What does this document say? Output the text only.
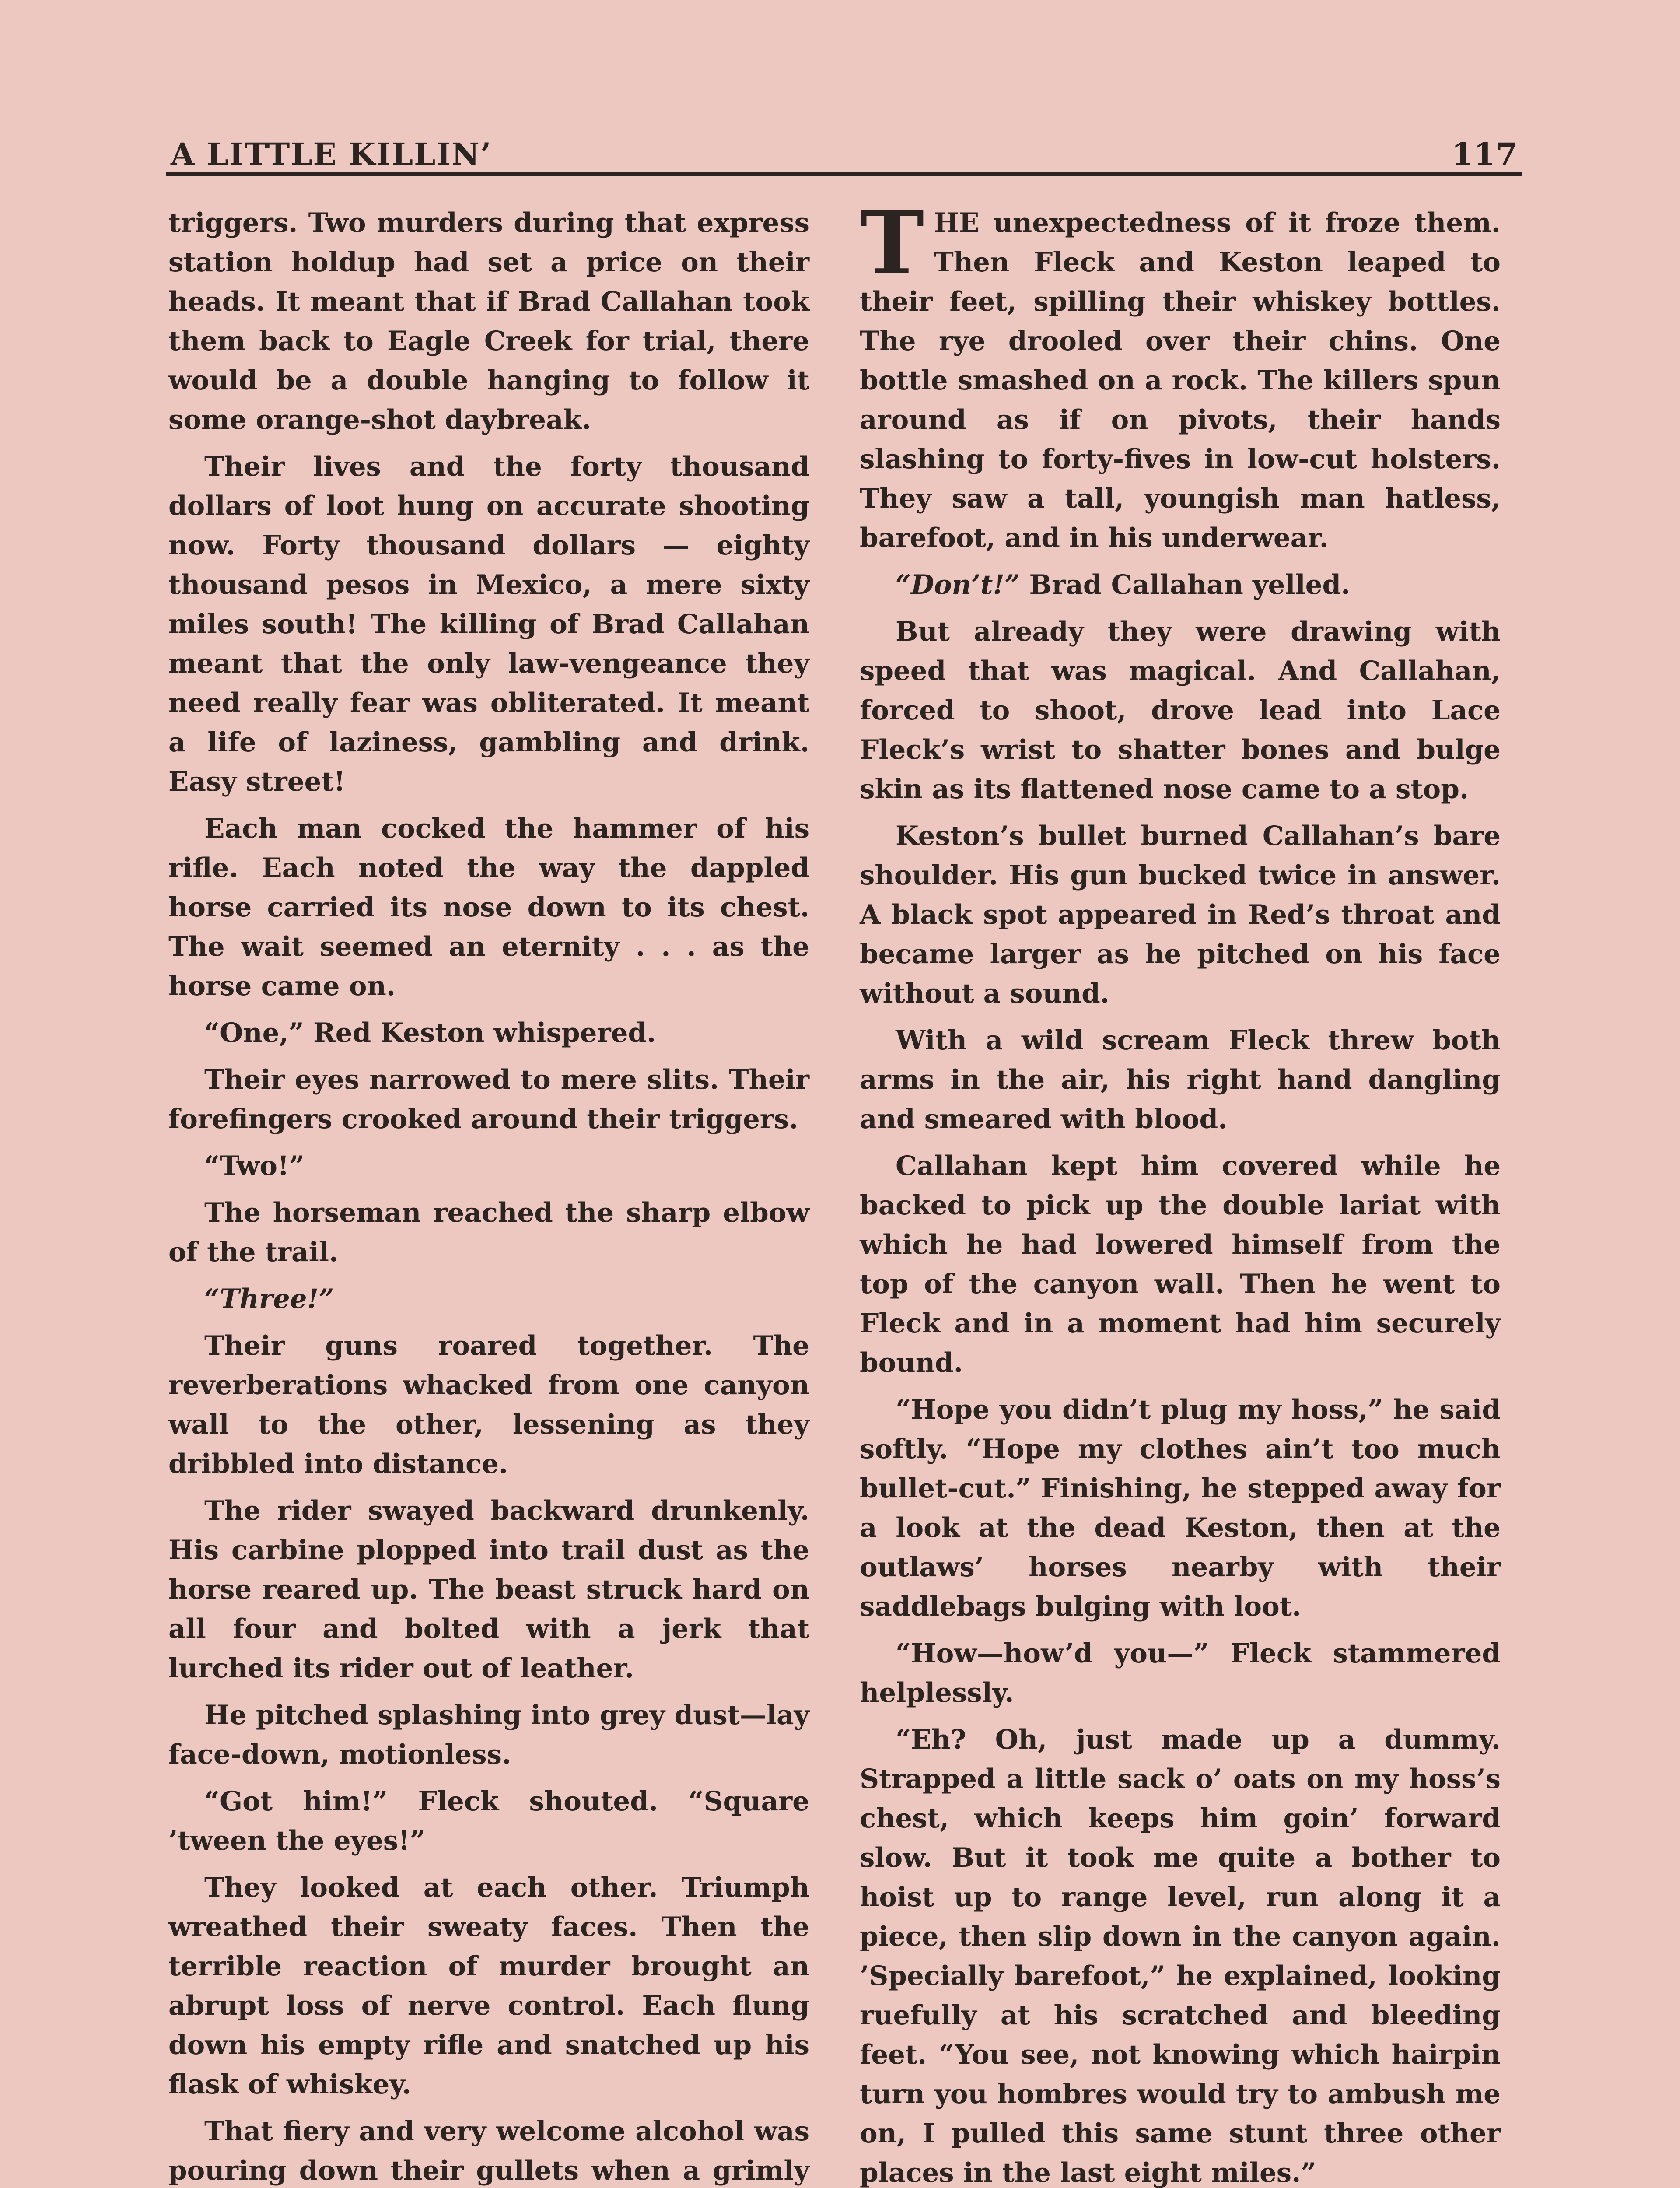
A LITTLE KILLIN’	117

triggers. Two murders during that express station holdup had set a price on their heads. It meant that if Brad Callahan took them back to Eagle Creek for trial, there would be a double hanging to follow it some orange-shot daybreak.

Their lives and the forty thousand dollars of loot hung on accurate shooting now. Forty thousand dollars — eighty thousand pesos in Mexico, a mere sixty miles south! The killing of Brad Callahan meant that the only law-vengeance they need really fear was obliterated. It meant a life of laziness, gambling and drink. Easy street!

Each man cocked the hammer of his rifle. Each noted the way the dappled horse carried its nose down to its chest. The wait seemed an eternity . . . as the horse came on.

“One,” Red Keston whispered.

Their eyes narrowed to mere slits. Their forefingers crooked around their triggers.

“Two!”

The horseman reached the sharp elbow of the trail.

“Three!”

Their guns roared together. The reverberations whacked from one canyon wall to the other, lessening as they dribbled into distance.

The rider swayed backward drunkenly. His carbine plopped into trail dust as the horse reared up. The beast struck hard on all four and bolted with a jerk that lurched its rider out of leather.

He pitched splashing into grey dust—lay face-down, motionless.

“Got him!” Fleck shouted. “Square ’tween the eyes!”

They looked at each other. Triumph wreathed their sweaty faces. Then the terrible reaction of murder brought an abrupt loss of nerve control. Each flung down his empty rifle and snatched up his flask of whiskey.

That fiery and very welcome alcohol was pouring down their gullets when a grimly

THE unexpectedness of it froze them. Then Fleck and Keston leaped to their feet, spilling their whiskey bottles. The rye drooled over their chins. One bottle smashed on a rock. The killers spun around as if on pivots, their hands slashing to forty-fives in low-cut holsters. They saw a tall, youngish man hatless, barefoot, and in his underwear.

“Don’t!” Brad Callahan yelled.

But already they were drawing with speed that was magical. And Callahan, forced to shoot, drove lead into Lace Fleck’s wrist to shatter bones and bulge skin as its flattened nose came to a stop.

Keston’s bullet burned Callahan’s bare shoulder. His gun bucked twice in answer. A black spot appeared in Red’s throat and became larger as he pitched on his face without a sound.

With a wild scream Fleck threw both arms in the air, his right hand dangling and smeared with blood.

Callahan kept him covered while he backed to pick up the double lariat with which he had lowered himself from the top of the canyon wall. Then he went to Fleck and in a moment had him securely bound.

“Hope you didn’t plug my hoss,” he said softly. “Hope my clothes ain’t too much bullet-cut.” Finishing, he stepped away for a look at the dead Keston, then at the outlaws’ horses nearby with their saddlebags bulging with loot.

“How—how’d you—” Fleck stammered helplessly.

“Eh? Oh, just made up a dummy. Strapped a little sack o’ oats on my hoss’s chest, which keeps him goin’ forward slow. But it took me quite a bother to hoist up to range level, run along it a piece, then slip down in the canyon again. ’Specially barefoot,” he explained, looking ruefully at his scratched and bleeding feet. “You see, not knowing which hairpin turn you hombres would try to ambush me on, I pulled this same stunt three other places in the last eight miles.”
